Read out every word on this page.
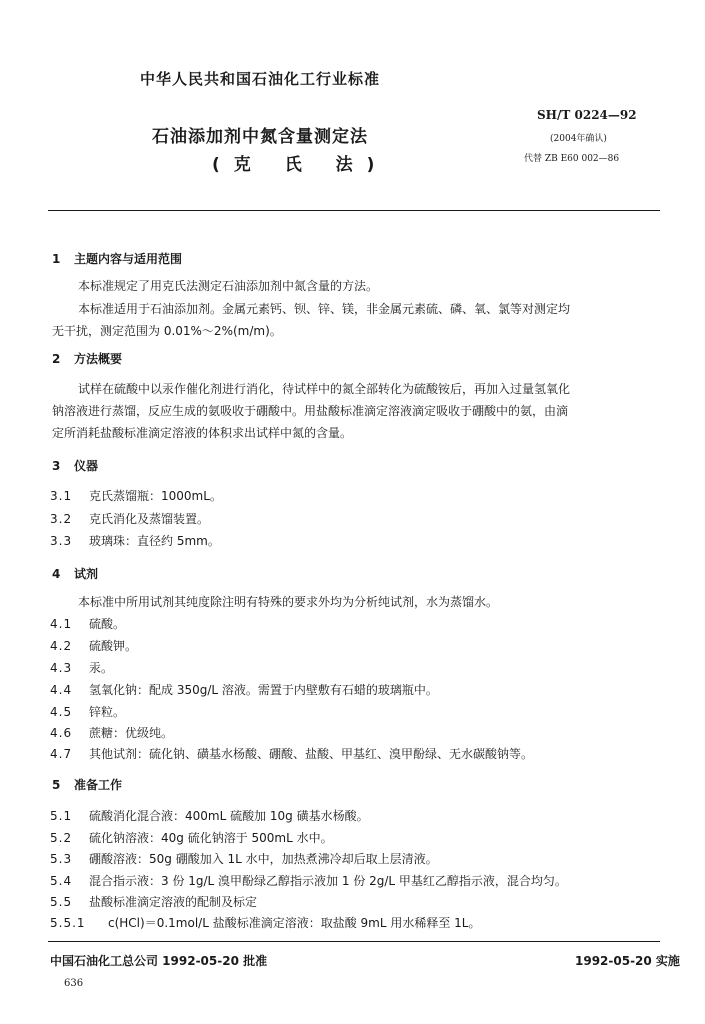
中华人民共和国石油化工行业标准
石油添加剂中氮含量测定法
(克 氏 法)
SH/T 0224—92
(2004年确认)
代替 ZB E60 002—86
1 主题内容与适用范围
本标准规定了用克氏法测定石油添加剂中氮含量的方法。
本标准适用于石油添加剂。金属元素钙、钡、锌、镁，非金属元素硫、磷、氧、氯等对测定均
无干扰，测定范围为 0.01%～2%(m/m)。
2 方法概要
试样在硫酸中以汞作催化剂进行消化，待试样中的氮全部转化为硫酸铵后，再加入过量氢氧化
钠溶液进行蒸馏，反应生成的氨吸收于硼酸中。用盐酸标准滴定溶液滴定吸收于硼酸中的氨，由滴
定所消耗盐酸标准滴定溶液的体积求出试样中氮的含量。
3 仪器
3.1 克氏蒸馏瓶：1000mL。
3.2 克氏消化及蒸馏装置。
3.3 玻璃珠：直径约 5mm。
4 试剂
本标准中所用试剂其纯度除注明有特殊的要求外均为分析纯试剂，水为蒸馏水。
4.1 硫酸。
4.2 硫酸钾。
4.3 汞。
4.4 氢氧化钠：配成 350g/L 溶液。需置于内壁敷有石蜡的玻璃瓶中。
4.5 锌粒。
4.6 蔗糖：优级纯。
4.7 其他试剂：硫化钠、磺基水杨酸、硼酸、盐酸、甲基红、溴甲酚绿、无水碳酸钠等。
5 准备工作
5.1 硫酸消化混合液：400mL 硫酸加 10g 磺基水杨酸。
5.2 硫化钠溶液：40g 硫化钠溶于 500mL 水中。
5.3 硼酸溶液：50g 硼酸加入 1L 水中，加热煮沸冷却后取上层清液。
5.4 混合指示液：3 份 1g/L 溴甲酚绿乙醇指示液加 1 份 2g/L 甲基红乙醇指示液，混合均匀。
5.5 盐酸标准滴定溶液的配制及标定
5.5.1 c(HCl)＝0.1mol/L 盐酸标准滴定溶液：取盐酸 9mL 用水稀释至 1L。
中国石油化工总公司 1992-05-20 批准	1992-05-20 实施
636
